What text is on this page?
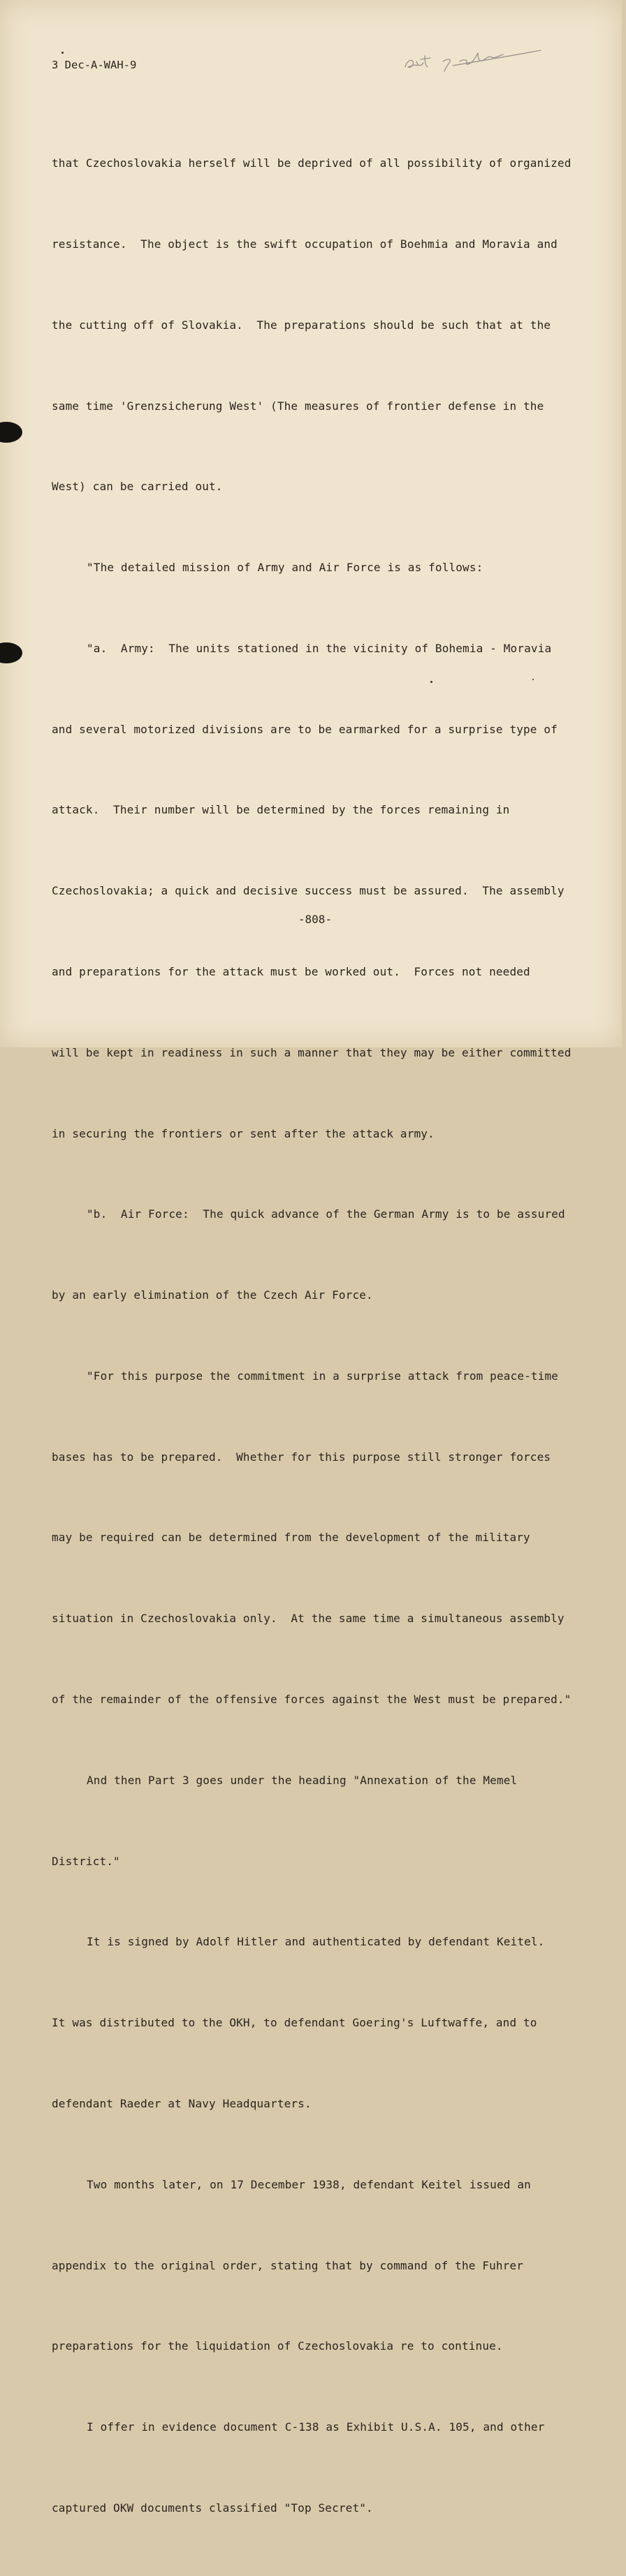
3 Dec-A-WAH-9

that Czechoslovakia herself will be deprived of all possibility of organized

resistance.  The object is the swift occupation of Boehmia and Moravia and

the cutting off of Slovakia.  The preparations should be such that at the

same time 'Grenzsicherung West' (The measures of frontier defense in the

West) can be carried out.

"The detailed mission of Army and Air Force is as follows:

"a.  Army:  The units stationed in the vicinity of Bohemia - Moravia

and several motorized divisions are to be earmarked for a surprise type of

attack.  Their number will be determined by the forces remaining in

Czechoslovakia; a quick and decisive success must be assured.  The assembly

and preparations for the attack must be worked out.  Forces not needed

will be kept in readiness in such a manner that they may be either committed

in securing the frontiers or sent after the attack army.

"b.  Air Force:  The quick advance of the German Army is to be assured

by an early elimination of the Czech Air Force.

"For this purpose the commitment in a surprise attack from peace-time

bases has to be prepared.  Whether for this purpose still stronger forces

may be required can be determined from the development of the military

situation in Czechoslovakia only.  At the same time a simultaneous assembly

of the remainder of the offensive forces against the West must be prepared."

And then Part 3 goes under the heading "Annexation of the Memel

District."

It is signed by Adolf Hitler and authenticated by defendant Keitel.

It was distributed to the OKH, to defendant Goering's Luftwaffe, and to

defendant Raeder at Navy Headquarters.

Two months later, on 17 December 1938, defendant Keitel issued an

appendix to the original order, stating that by command of the Fuhrer

preparations for the liquidation of Czechoslovakia re to continue.

I offer in evidence document C-138 as Exhibit U.S.A. 105, and other

captured OKW documents classified "Top Secret".

-808-
